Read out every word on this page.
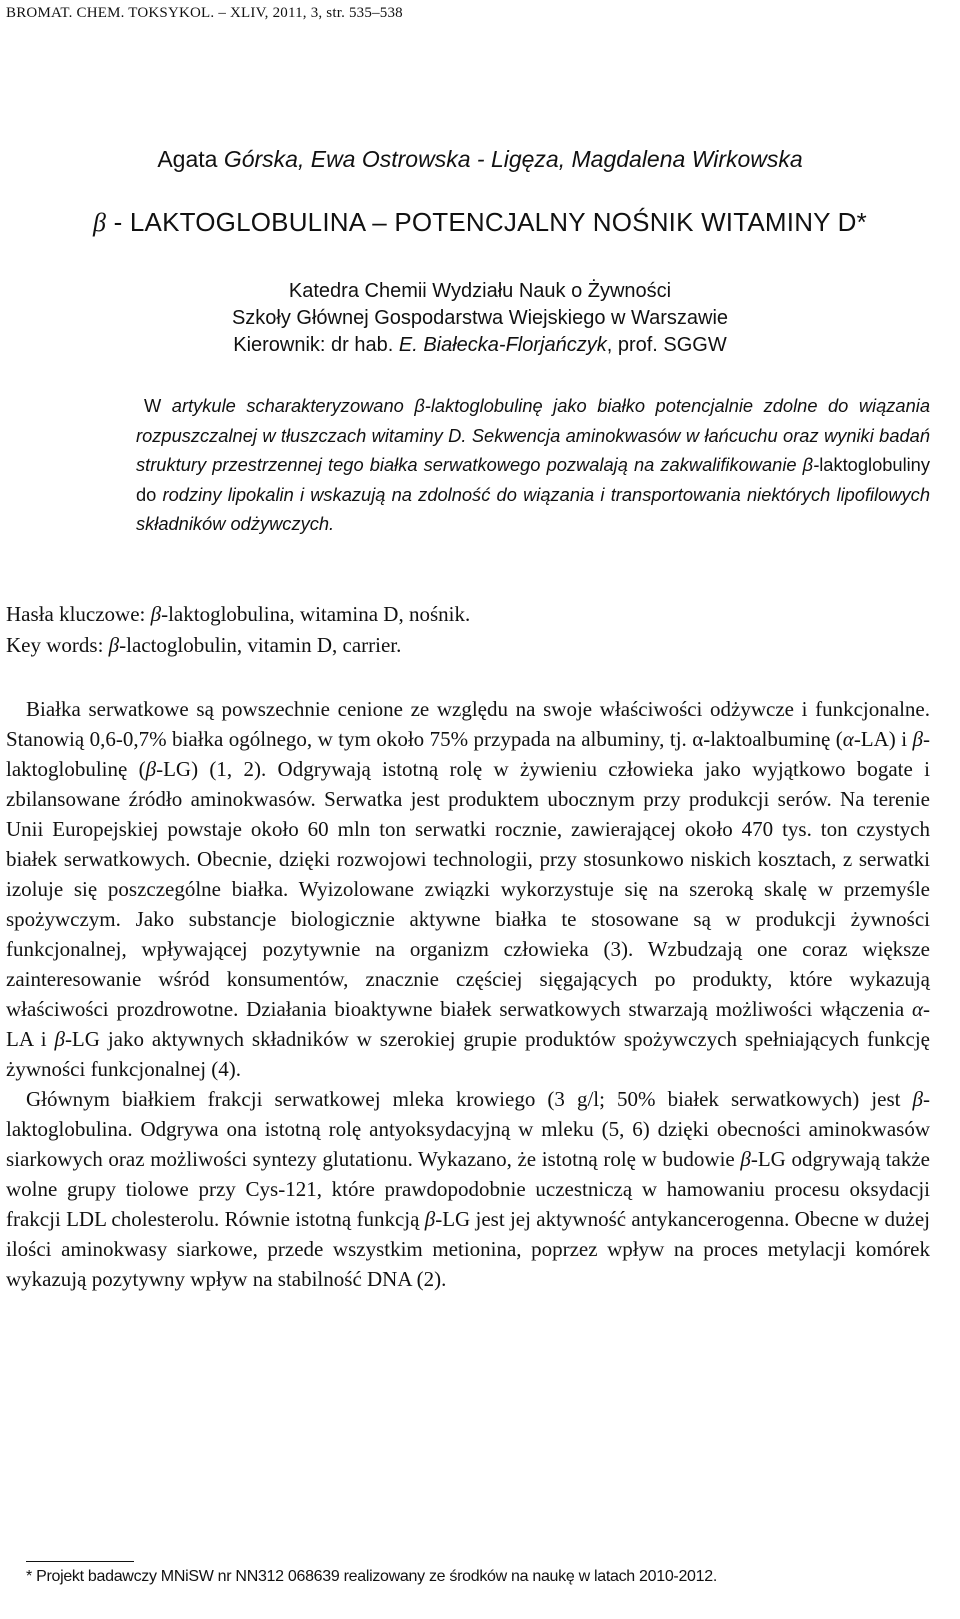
BROMAT. CHEM. TOKSYKOL. – XLIV, 2011, 3, str. 535–538
Agata Górska, Ewa Ostrowska - Ligęza, Magdalena Wirkowska
β - LAKTOGLOBULINA – POTENCJALNY NOŚNIK WITAMINY D*
Katedra Chemii Wydziału Nauk o Żywności
Szkoły Głównej Gospodarstwa Wiejskiego w Warszawie
Kierownik: dr hab. E. Białecka-Florjańczyk, prof. SGGW

W artykule scharakteryzowano β-laktoglobulinę jako białko potencjalnie zdolne do wiązania rozpuszczalnej w tłuszczach witaminy D. Sekwencja aminokwasów w łańcuchu oraz wyniki badań struktury przestrzennej tego białka serwatkowego pozwalają na zakwalifikowanie β-laktoglobuliny do rodziny lipokalin i wskazują na zdolność do wiązania i transportowania niektórych lipofilowych składników odżywczych.

Hasła kluczowe: β-laktoglobulina, witamina D, nośnik.
Key words: β-lactoglobulin, vitamin D, carrier.

Białka serwatkowe są powszechnie cenione ze względu na swoje właściwości odżywcze i funkcjonalne. Stanowią 0,6-0,7% białka ogólnego, w tym około 75% przypada na albuminy, tj. α-laktoalbuminę (α-LA) i β-laktoglobulinę (β-LG) (1, 2). Odgrywają istotną rolę w żywieniu człowieka jako wyjątkowo bogate i zbilansowane źródło aminokwasów. Serwatka jest produktem ubocznym przy produkcji serów. Na terenie Unii Europejskiej powstaje około 60 mln ton serwatki rocznie, zawierającej około 470 tys. ton czystych białek serwatkowych. Obecnie, dzięki rozwojowi technologii, przy stosunkowo niskich kosztach, z serwatki izoluje się poszczególne białka. Wyizolowane związki wykorzystuje się na szeroką skalę w przemyśle spożywczym. Jako substancje biologicznie aktywne białka te stosowane są w produkcji żywności funkcjonalnej, wpływającej pozytywnie na organizm człowieka (3). Wzbudzają one coraz większe zainteresowanie wśród konsumentów, znacznie częściej sięgających po produkty, które wykazują właściwości prozdrowotne. Działania bioaktywne białek serwatkowych stwarzają możliwości włączenia α-LA i β-LG jako aktywnych składników w szerokiej grupie produktów spożywczych spełniających funkcję żywności funkcjonalnej (4).

Głównym białkiem frakcji serwatkowej mleka krowiego (3 g/l; 50% białek serwatkowych) jest β-laktoglobulina. Odgrywa ona istotną rolę antyoksydacyjną w mleku (5, 6) dzięki obecności aminokwasów siarkowych oraz możliwości syntezy glutationu. Wykazano, że istotną rolę w budowie β-LG odgrywają także wolne grupy tiolowe przy Cys-121, które prawdopodobnie uczestniczą w hamowaniu procesu oksydacji frakcji LDL cholesterolu. Równie istotną funkcją β-LG jest jej aktywność antykancerogenna. Obecne w dużej ilości aminokwasy siarkowe, przede wszystkim metionina, poprzez wpływ na proces metylacji komórek wykazują pozytywny wpływ na stabilność DNA (2).

* Projekt badawczy MNiSW nr NN312 068639 realizowany ze środków na naukę w latach 2010-2012.
